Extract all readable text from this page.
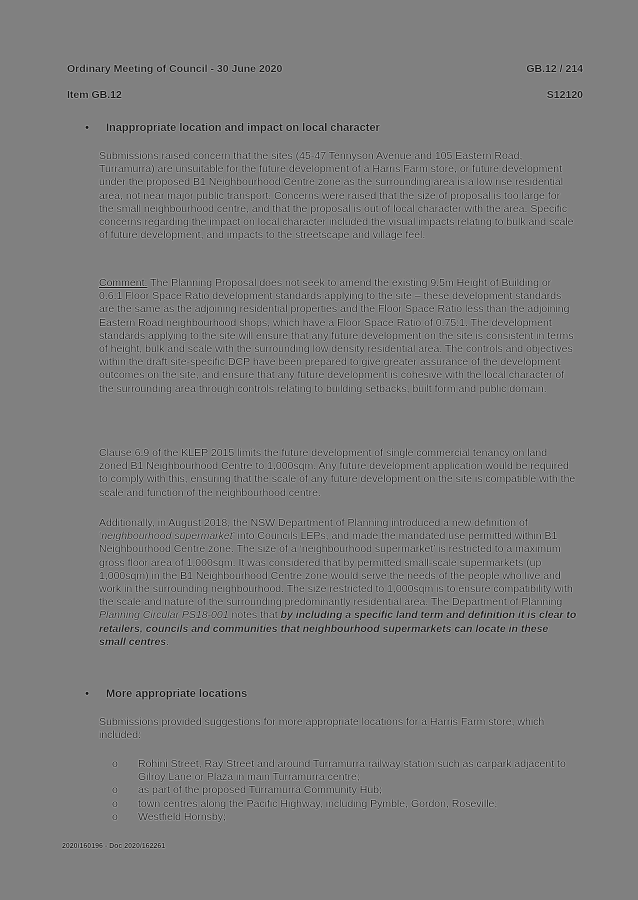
Ordinary Meeting of Council - 30 June 2020	GB.12 / 214
Item GB.12	S12120
•	Inappropriate location and impact on local character
Submissions raised concern that the sites (45-47 Tennyson Avenue and 105 Eastern Road, Turramurra) are unsuitable for the future development of a Harris Farm store, or future development under the proposed B1 Neighbourhood Centre zone as the surrounding area is a low rise residential area, not near major public transport. Concerns were raised that the size of proposal is too large for the small neighbourhood centre, and that the proposal is out of local character with the area. Specific concerns regarding the impact on local character included the visual impacts relating to bulk and scale of future development, and impacts to the streetscape and village feel.
Comment: The Planning Proposal does not seek to amend the existing 9.5m Height of Building or 0.6:1 Floor Space Ratio development standards applying to the site – these development standards are the same as the adjoining residential properties and the Floor Space Ratio less than the adjoining Eastern Road neighbourhood shops, which have a Floor Space Ratio of 0.75:1. The development standards applying to the site will ensure that any future development on the site is consistent in terms of height, bulk and scale with the surrounding low density residential area. The controls and objectives within the draft site-specific DCP have been prepared to give greater assurance of the development outcomes on the site, and ensure that any future development is cohesive with the local character of the surrounding area through controls relating to building setbacks, built form and public domain.
Clause 6.9 of the KLEP 2015 limits the future development of single commercial tenancy on land zoned B1 Neighbourhood Centre to 1,000sqm. Any future development application would be required to comply with this, ensuring that the scale of any future development on the site is compatible with the scale and function of the neighbourhood centre.
Additionally, in August 2018, the NSW Department of Planning introduced a new definition of ‘neighbourhood supermarket’ into Councils LEPs, and made the mandated use permitted within B1 Neighbourhood Centre zone. The size of a ‘neighbourhood supermarket’ is restricted to a maximum gross floor area of 1,000sqm. It was considered that by permitted small-scale supermarkets (up 1,000sqm) in the B1 Neighbourhood Centre zone would serve the needs of the people who live and work in the surrounding neighbourhood. The size restricted to 1,000sqm is to ensure compatibility with the scale and nature of the surrounding predominantly residential area. The Department of Planning Planning Circular PS18-001 notes that by including a specific land term and definition it is clear to retailers, councils and communities that neighbourhood supermarkets can locate in these small centres.
•	More appropriate locations
Submissions provided suggestions for more appropriate locations for a Harris Farm store, which included:
o	Rohini Street, Ray Street and around Turramurra railway station such as carpark adjacent to Gilroy Lane or Plaza in main Turramurra centre;
o	as part of the proposed Turramurra Community Hub;
o	town centres along the Pacific Highway, including Pymble, Gordon, Roseville;
o	Westfield Hornsby;
2020/160196 - Doc 2020/162261
